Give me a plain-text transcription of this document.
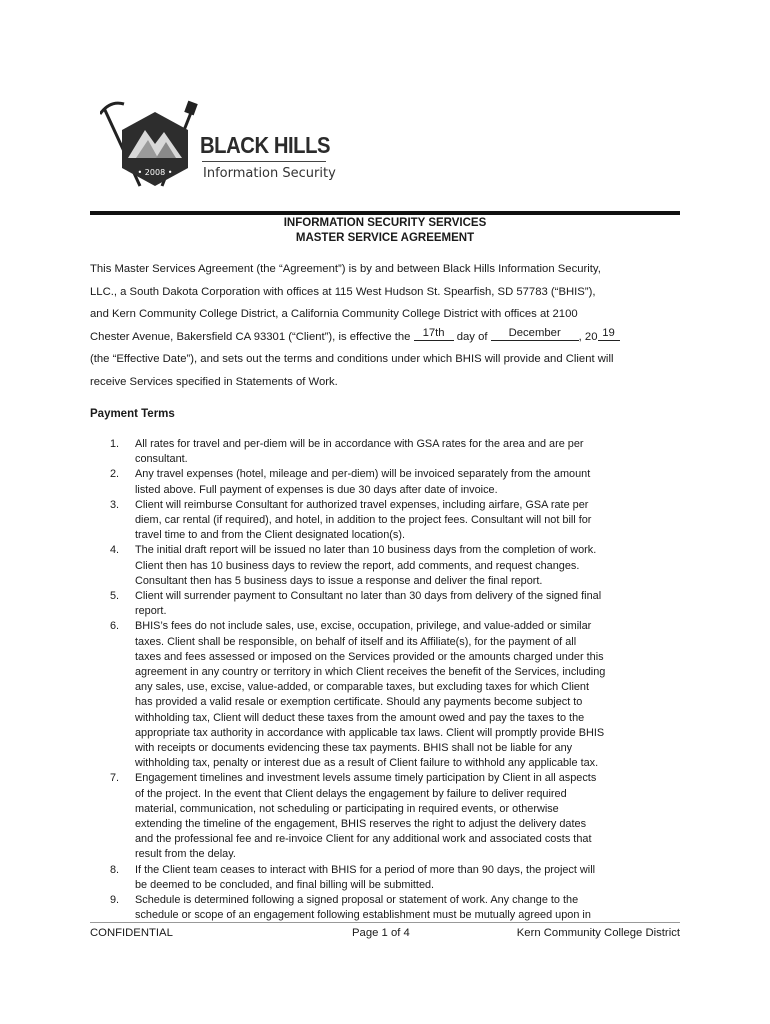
• 2008 •
BLACK HILLS
Information Security
INFORMATION SECURITY SERVICES
MASTER SERVICE AGREEMENT
This Master Services Agreement (the “Agreement”) is by and between Black Hills Information Security,
LLC., a South Dakota Corporation with offices at 115 West Hudson St. Spearfish, SD 57783 (“BHIS”),
and Kern Community College District, a California Community College District with offices at 2100
Chester Avenue, Bakersfield CA 93301 (“Client”), is effective the 17th day of December , 20 19
(the “Effective Date”), and sets out the terms and conditions under which BHIS will provide and Client will
receive Services specified in Statements of Work.
Payment Terms
1.	All rates for travel and per-diem will be in accordance with GSA rates for the area and are per
consultant.
2.	Any travel expenses (hotel, mileage and per-diem) will be invoiced separately from the amount
listed above. Full payment of expenses is due 30 days after date of invoice.
3.	Client will reimburse Consultant for authorized travel expenses, including airfare, GSA rate per
diem, car rental (if required), and hotel, in addition to the project fees. Consultant will not bill for
travel time to and from the Client designated location(s).
4.	The initial draft report will be issued no later than 10 business days from the completion of work.
Client then has 10 business days to review the report, add comments, and request changes.
Consultant then has 5 business days to issue a response and deliver the final report.
5.	Client will surrender payment to Consultant no later than 30 days from delivery of the signed final
report.
6.	BHIS’s fees do not include sales, use, excise, occupation, privilege, and value-added or similar
taxes. Client shall be responsible, on behalf of itself and its Affiliate(s), for the payment of all
taxes and fees assessed or imposed on the Services provided or the amounts charged under this
agreement in any country or territory in which Client receives the benefit of the Services, including
any sales, use, excise, value-added, or comparable taxes, but excluding taxes for which Client
has provided a valid resale or exemption certificate. Should any payments become subject to
withholding tax, Client will deduct these taxes from the amount owed and pay the taxes to the
appropriate tax authority in accordance with applicable tax laws. Client will promptly provide BHIS
with receipts or documents evidencing these tax payments. BHIS shall not be liable for any
withholding tax, penalty or interest due as a result of Client failure to withhold any applicable tax.
7.	Engagement timelines and investment levels assume timely participation by Client in all aspects
of the project. In the event that Client delays the engagement by failure to deliver required
material, communication, not scheduling or participating in required events, or otherwise
extending the timeline of the engagement, BHIS reserves the right to adjust the delivery dates
and the professional fee and re-invoice Client for any additional work and associated costs that
result from the delay.
8.	If the Client team ceases to interact with BHIS for a period of more than 90 days, the project will
be deemed to be concluded, and final billing will be submitted.
9.	Schedule is determined following a signed proposal or statement of work. Any change to the
schedule or scope of an engagement following establishment must be mutually agreed upon in
CONFIDENTIAL	Page 1 of 4	Kern Community College District
